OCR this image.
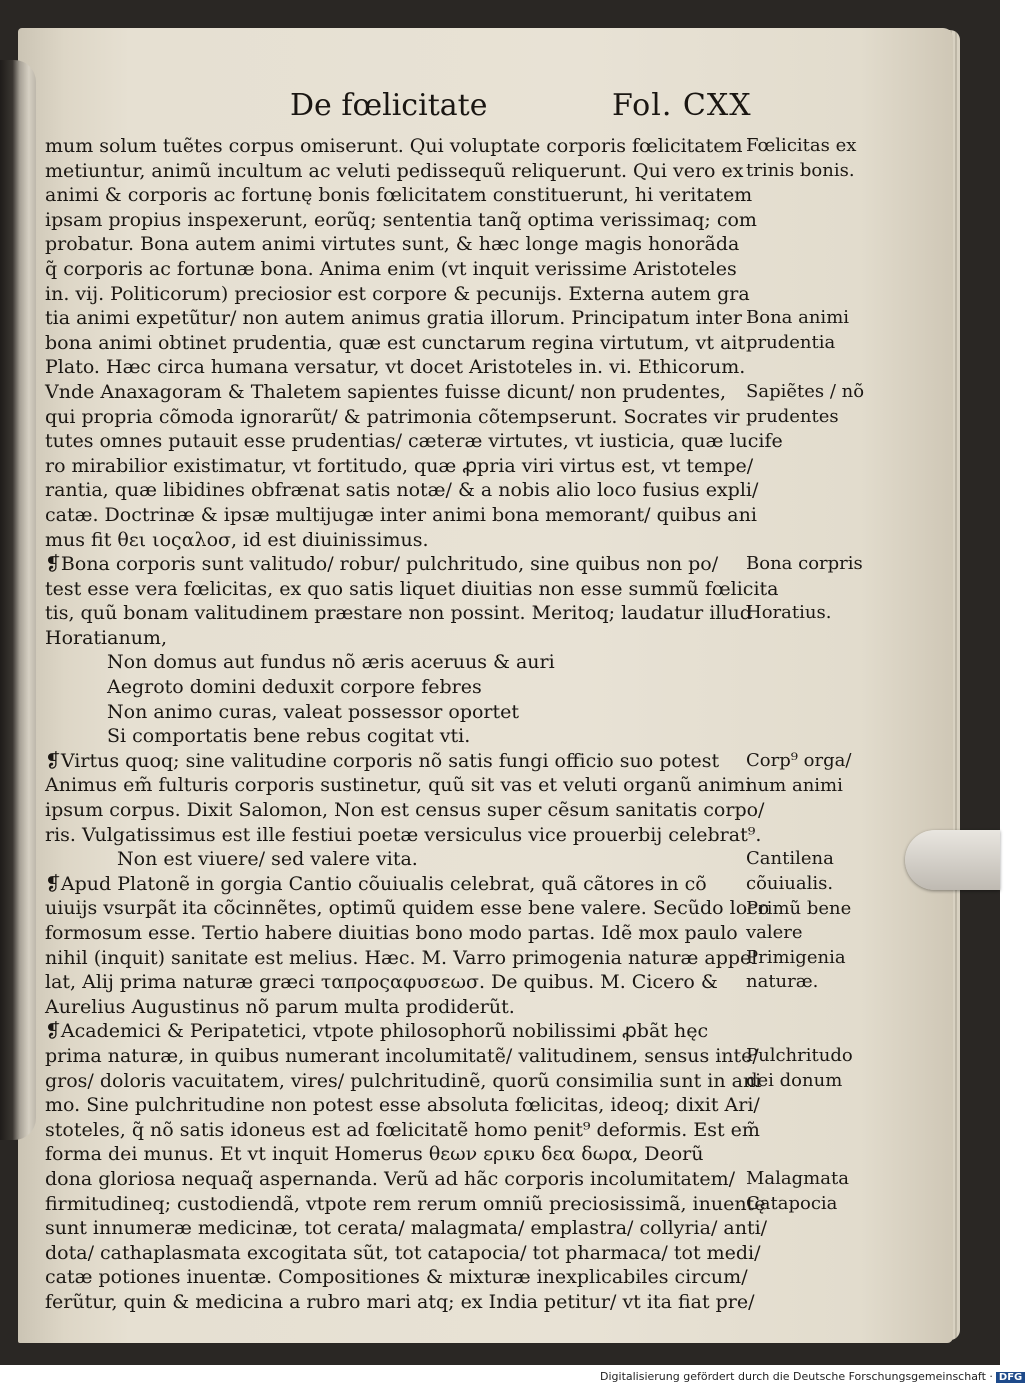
De fœlicitate	Fol. CXX
mum solum tuẽtes corpus omiserunt. Qui voluptate corporis fœlicitatem
metiuntur, animũ incultum ac veluti pedissequũ reliquerunt. Qui vero ex
animi & corporis ac fortunę bonis fœlicitatem constituerunt, hi veritatem
ipsam propius inspexerunt, eorũq; sententia tanq̃ optima verissimaq; com
probatur. Bona autem animi virtutes sunt, & hæc longe magis honorãda
q̃ corporis ac fortunæ bona. Anima enim (vt inquit verissime Aristoteles
in. vij. Politicorum) preciosior est corpore & pecunijs. Externa autem gra
tia animi expetũtur/ non autem animus gratia illorum. Principatum inter
bona animi obtinet prudentia, quæ est cunctarum regina virtutum, vt ait
Plato. Hæc circa humana versatur, vt docet Aristoteles in. vi. Ethicorum.
Vnde Anaxagoram & Thaletem sapientes fuisse dicunt/ non prudentes,
qui propria cõmoda ignorarũt/ & patrimonia cõtempserunt. Socrates vir
tutes omnes putauit esse prudentias/ cæteræ virtutes, vt iusticia, quæ lucife
ro mirabilior existimatur, vt fortitudo, quæ ꝓpria viri virtus est, vt tempe/
rantia, quæ libidines obfrænat satis notæ/ & a nobis alio loco fusius expli/
catæ. Doctrinæ & ipsæ multijugæ inter animi bona memorant/ quibus ani
mus fit θει ιοςαλοσ, id est diuinissimus.
❡Bona corporis sunt valitudo/ robur/ pulchritudo, sine quibus non po/
test esse vera fœlicitas, ex quo satis liquet diuitias non esse summũ fœlicita
tis, quũ bonam valitudinem præstare non possint. Meritoq; laudatur illud
Horatianum,
Non domus aut fundus nõ æris aceruus & auri
Aegroto domini deduxit corpore febres
Non animo curas, valeat possessor oportet
Si comportatis bene rebus cogitat vti.
❡Virtus quoq; sine valitudine corporis nõ satis fungi officio suo potest
Animus em̃ fulturis corporis sustinetur, quũ sit vas et veluti organũ animi
ipsum corpus. Dixit Salomon, Non est census super cẽsum sanitatis corpo/
ris. Vulgatissimus est ille festiui poetæ versiculus vice prouerbij celebrat⁹.
Non est viuere/ sed valere vita.
❡Apud Platonẽ in gorgia Cantio cõuiualis celebrat, quã cãtores in cõ
uiuijs vsurpãt ita cõcinnẽtes, optimũ quidem esse bene valere. Secũdo loco
formosum esse. Tertio habere diuitias bono modo partas. Idẽ mox paulo
nihil (inquit) sanitate est melius. Hæc. M. Varro primogenia naturæ appel
lat, Alij prima naturæ græci ταπροςαφυσεωσ. De quibus. M. Cicero &
Aurelius Augustinus nõ parum multa prodiderũt.
❡Academici & Peripatetici, vtpote philosophorũ nobilissimi ꝓbãt hęc
prima naturæ, in quibus numerant incolumitatẽ/ valitudinem, sensus inte/
gros/ doloris vacuitatem, vires/ pulchritudinẽ, quorũ consimilia sunt in ani
mo. Sine pulchritudine non potest esse absoluta fœlicitas, ideoq; dixit Ari/
stoteles, q̃ nõ satis idoneus est ad fœlicitatẽ homo penit⁹ deformis. Est em̃
forma dei munus. Et vt inquit Homerus θεων ερικυ δεα δωρα, Deorũ
dona gloriosa nequaq̃ aspernanda. Verũ ad hãc corporis incolumitatem/
firmitudineq; custodiendã, vtpote rem rerum omniũ preciosissimã, inuentę
sunt innumeræ medicinæ, tot cerata/ malagmata/ emplastra/ collyria/ anti/
dota/ cathaplasmata excogitata sũt, tot catapocia/ tot pharmaca/ tot medi/
catæ potiones inuentæ. Compositiones & mixturæ inexplicabiles circum/
ferũtur, quin & medicina a rubro mari atq; ex India petitur/ vt ita fiat pre/
Fœlicitas ex
trinis bonis.
Bona animi
prudentia
Sapiẽtes / nõ
prudentes
Bona corpris
Horatius.
Corp⁹ orga/
num animi
Cantilena
cõuiualis.
Primũ bene
valere
Primigenia
naturæ.
Pulchritudo
dei donum
Malagmata
Catapocia
Digitalisierung gefördert durch die Deutsche Forschungsgemeinschaft · DFG
